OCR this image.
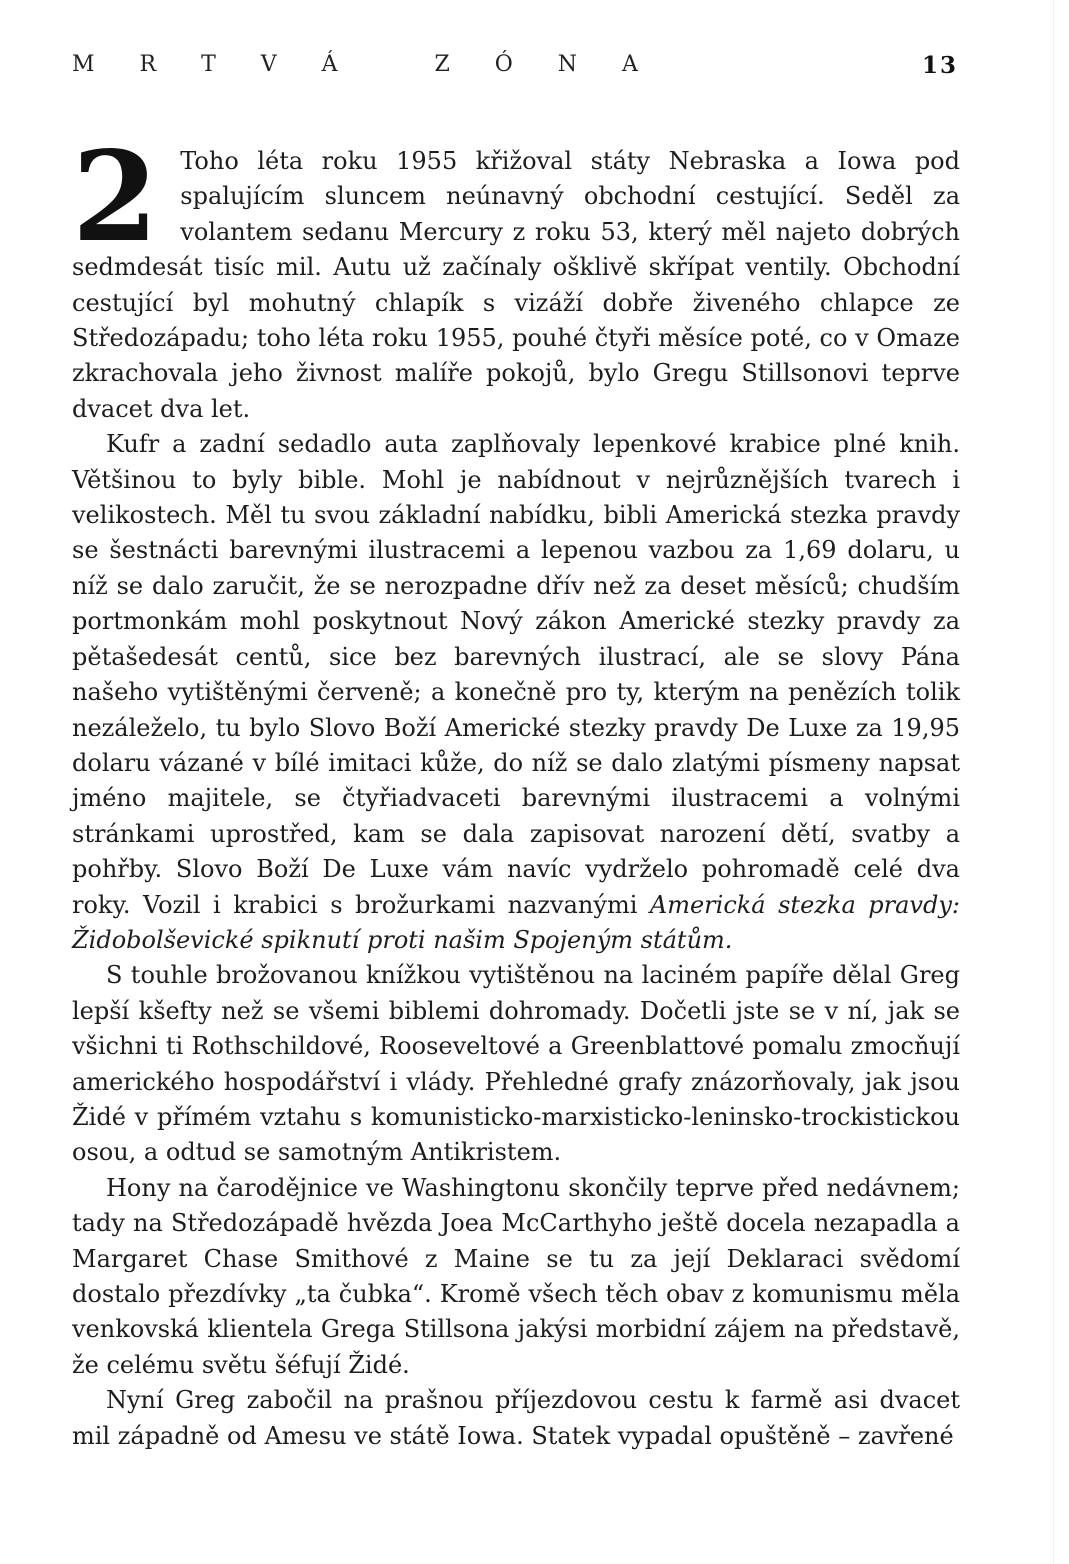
M R T V Á   Z Ó N A	13

2 Toho léta roku 1955 křižoval státy Nebraska a Iowa pod spalujícím sluncem neúnavný obchodní cestující. Seděl za volantem sedanu Mercury z roku 53, který měl najeto dobrých sedmdesát tisíc mil. Autu už začínaly ošklivě skřípat ventily. Obchodní cestující byl mohutný chlapík s vizáží dobře živeného chlapce ze Středozápadu; toho léta roku 1955, pouhé čtyři měsíce poté, co v Omaze zkrachovala jeho živnost malíře pokojů, bylo Gregu Stillsonovi teprve dvacet dva let.

Kufr a zadní sedadlo auta zaplňovaly lepenkové krabice plné knih. Většinou to byly bible. Mohl je nabídnout v nejrůznějších tvarech i velikostech. Měl tu svou základní nabídku, bibli Americká stezka pravdy se šestnácti barevnými ilustracemi a lepenou vazbou za 1,69 dolaru, u níž se dalo zaručit, že se nerozpadne dřív než za deset měsíců; chudším portmonkám mohl poskytnout Nový zákon Americké stezky pravdy za pětašedesát centů, sice bez barevných ilustrací, ale se slovy Pána našeho vytištěnými červeně; a konečně pro ty, kterým na penězích tolik nezáleželo, tu bylo Slovo Boží Americké stezky pravdy De Luxe za 19,95 dolaru vázané v bílé imitaci kůže, do níž se dalo zlatými písmeny napsat jméno majitele, se čtyřiadvaceti barevnými ilustracemi a volnými stránkami uprostřed, kam se dala zapisovat narození dětí, svatby a pohřby. Slovo Boží De Luxe vám navíc vydrželo pohromadě celé dva roky. Vozil i krabici s brožurkami nazvanými Americká stezka pravdy: Židobolševické spiknutí proti našim Spojeným státům.

S touhle brožovanou knížkou vytištěnou na laciném papíře dělal Greg lepší kšefty než se všemi biblemi dohromady. Dočetli jste se v ní, jak se všichni ti Rothschildové, Rooseveltové a Greenblattové pomalu zmocňují amerického hospodářství i vlády. Přehledné grafy znázorňovaly, jak jsou Židé v přímém vztahu s komunisticko-marxisticko-leninsko-trockistickou osou, a odtud se samotným Antikristem.

Hony na čarodějnice ve Washingtonu skončily teprve před nedávnem; tady na Středozápadě hvězda Joea McCarthyho ještě docela nezapadla a Margaret Chase Smithové z Maine se tu za její Deklaraci svědomí dostalo přezdívky „ta čubka“. Kromě všech těch obav z komunismu měla venkovská klientela Grega Stillsona jakýsi morbidní zájem na představě, že celému světu šéfují Židé.

Nyní Greg zabočil na prašnou příjezdovou cestu k farmě asi dvacet mil západně od Amesu ve státě Iowa. Statek vypadal opuštěně – zavřené
